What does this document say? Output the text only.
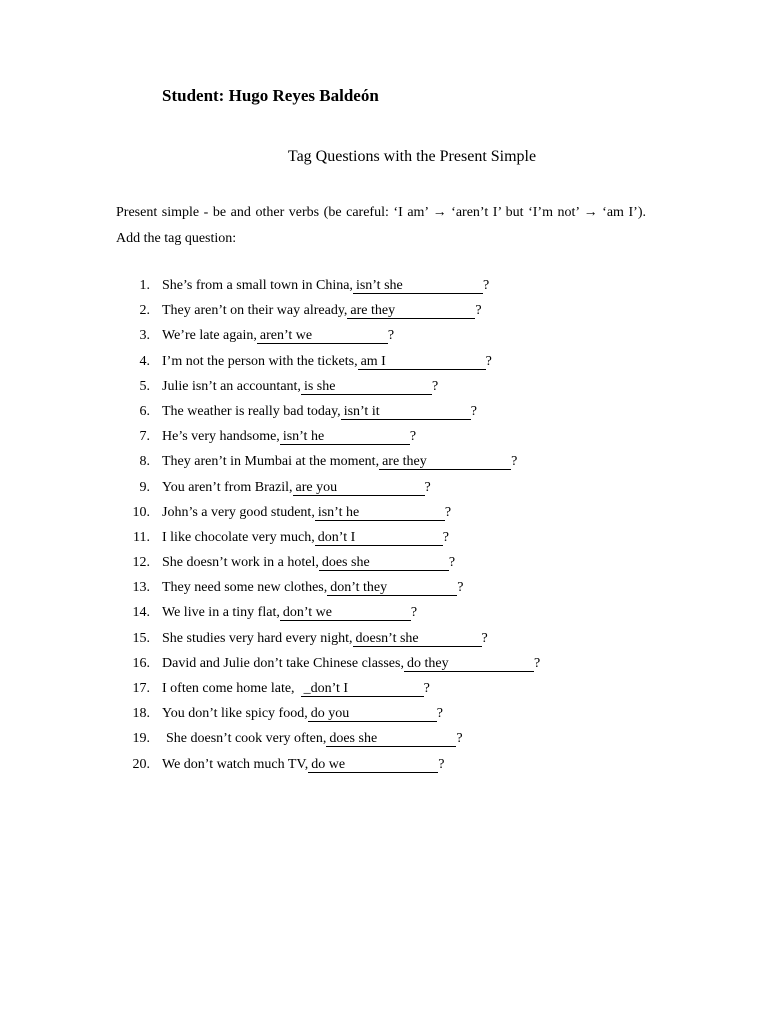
Student: Hugo Reyes Baldeón
Tag Questions with the Present Simple
Present simple - be and other verbs (be careful: ‘I am’ → ‘aren’t I’ but ‘I’m not’ → ‘am I’). Add the tag question:
1. She’s from a small town in China, isn’t she	?
2. They aren’t on their way already, are they	?
3. We’re late again, aren’t we	?
4. I’m not the person with the tickets, am I	?
5. Julie isn’t an accountant, is she	?
6. The weather is really bad today, isn’t it	?
7. He’s very handsome, isn’t he	?
8. They aren’t in Mumbai at the moment, are they	?
9. You aren’t from Brazil, are you	?
10. John’s a very good student, isn’t he	?
11. I like chocolate very much, don’t I	?
12. She doesn’t work in a hotel, does she	?
13. They need some new clothes, don’t they	?
14. We live in a tiny flat, don’t we	?
15. She studies very hard every night, doesn’t she	?
16. David and Julie don’t take Chinese classes, do they	?
17. I often come home late, _don’t I	?
18. You don’t like spicy food, do you	?
19. She doesn’t cook very often, does she	?
20. We don’t watch much TV, do we	?
